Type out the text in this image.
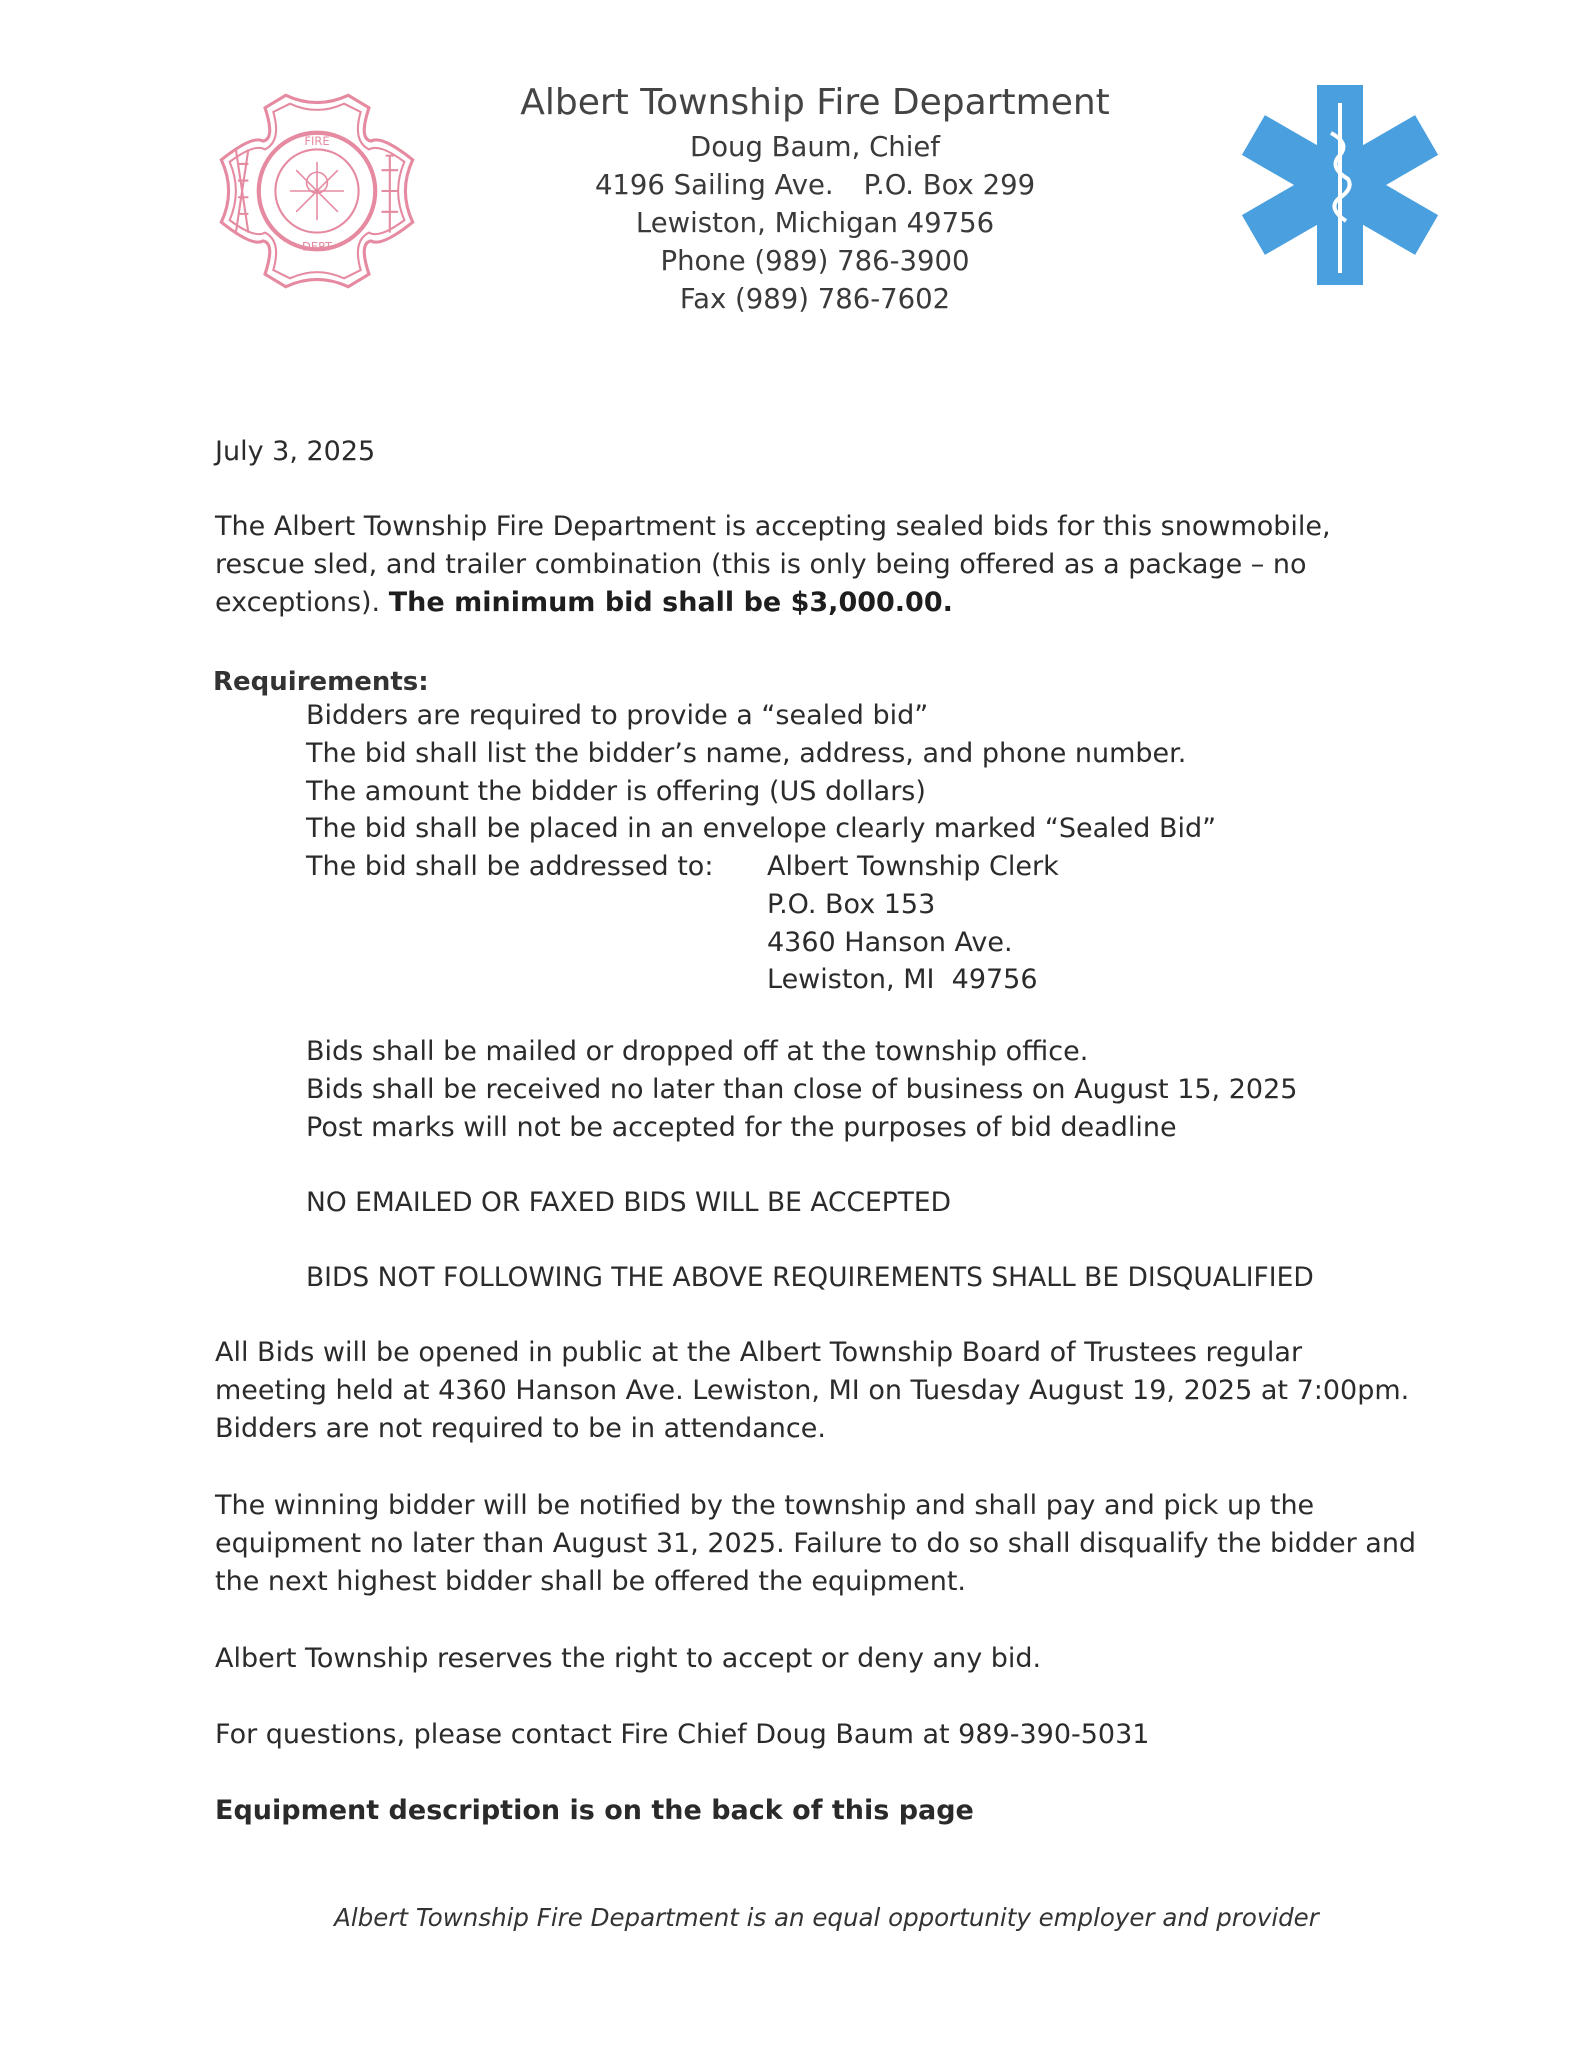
FIRE
DEPT
Albert Township Fire Department
Doug Baum, Chief
4196 Sailing Ave. P.O. Box 299
Lewiston, Michigan 49756
Phone (989) 786-3900
Fax (989) 786-7602
July 3, 2025
The Albert Township Fire Department is accepting sealed bids for this snowmobile, rescue sled, and trailer combination (this is only being offered as a package – no exceptions). The minimum bid shall be $3,000.00.
Requirements:
Bidders are required to provide a “sealed bid”
The bid shall list the bidder’s name, address, and phone number.
The amount the bidder is offering (US dollars)
The bid shall be placed in an envelope clearly marked “Sealed Bid”
The bid shall be addressed to:	Albert Township Clerk
P.O. Box 153
4360 Hanson Ave.
Lewiston, MI  49756
Bids shall be mailed or dropped off at the township office.
Bids shall be received no later than close of business on August 15, 2025
Post marks will not be accepted for the purposes of bid deadline
NO EMAILED OR FAXED BIDS WILL BE ACCEPTED
BIDS NOT FOLLOWING THE ABOVE REQUIREMENTS SHALL BE DISQUALIFIED
All Bids will be opened in public at the Albert Township Board of Trustees regular meeting held at 4360 Hanson Ave. Lewiston, MI on Tuesday August 19, 2025 at 7:00pm. Bidders are not required to be in attendance.
The winning bidder will be notified by the township and shall pay and pick up the equipment no later than August 31, 2025. Failure to do so shall disqualify the bidder and the next highest bidder shall be offered the equipment.
Albert Township reserves the right to accept or deny any bid.
For questions, please contact Fire Chief Doug Baum at 989-390-5031
Equipment description is on the back of this page
Albert Township Fire Department is an equal opportunity employer and provider
